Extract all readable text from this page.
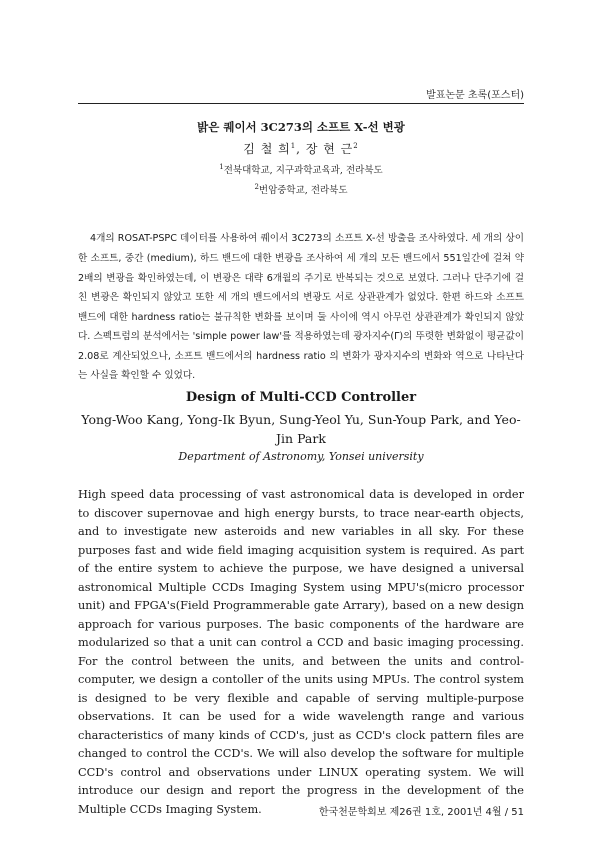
발표논문 초록(포스터)
밝은 퀘이서 3C273의 소프트 X-선 변광
김 철 희$^1$, 장 현 근$^2$
$^1$전북대학교, 지구과학교육과, 전라북도
$^2$번암중학교, 전라북도
4개의 ROSAT-PSPC 데이터를 사용하여 퀘이서 3C273의 소프트 X-선 방출을 조사하였다. 세 개의 상이한 소프트, 중간 (medium), 하드 밴드에 대한 변광을 조사하여 세 개의 모든 밴드에서 551일간에 걸쳐 약 2배의 변광을 확인하였는데, 이 변광은 대략 6개월의 주기로 반복되는 것으로 보였다. 그러나 단주기에 걸친 변광은 확인되지 않았고 또한 세 개의 밴드에서의 변광도 서로 상관관계가 없었다. 한편 하드와 소프트 밴드에 대한 hardness ratio는 불규칙한 변화를 보이며 둘 사이에 역시 아무런 상관관계가 확인되지 않았다. 스펙트럼의 분석에서는 'simple power law'를 적용하였는데 광자지수(Γ)의 뚜렷한 변화없이 평균값이 2.08로 계산되었으나, 소프트 밴드에서의 hardness ratio 의 변화가 광자지수의 변화와 역으로 나타난다는 사실을 확인할 수 있었다.
Design of Multi-CCD Controller
Yong-Woo Kang, Yong-Ik Byun, Sung-Yeol Yu, Sun-Youp Park, and Yeo-Jin Park
Department of Astronomy, Yonsei university
High speed data processing of vast astronomical data is developed in order to discover supernovae and high energy bursts, to trace near-earth objects, and to investigate new asteroids and new variables in all sky. For these purposes fast and wide field imaging acquisition system is required. As part of the entire system to achieve the purpose, we have designed a universal astronomical Multiple CCDs Imaging System using MPU's(micro processor unit) and FPGA's(Field Programmerable gate Arrary), based on a new design approach for various purposes. The basic components of the hardware are modularized so that a unit can control a CCD and basic imaging processing. For the control between the units, and between the units and control-computer, we design a contoller of the units using MPUs. The control system is designed to be very flexible and capable of serving multiple-purpose observations. It can be used for a wide wavelength range and various characteristics of many kinds of CCD's, just as CCD's clock pattern files are changed to control the CCD's. We will also develop the software for multiple CCD's control and observations under LINUX operating system. We will introduce our design and report the progress in the development of the Multiple CCDs Imaging System.	한국천문학회보 제26권 1호, 2001년 4월 / 51
